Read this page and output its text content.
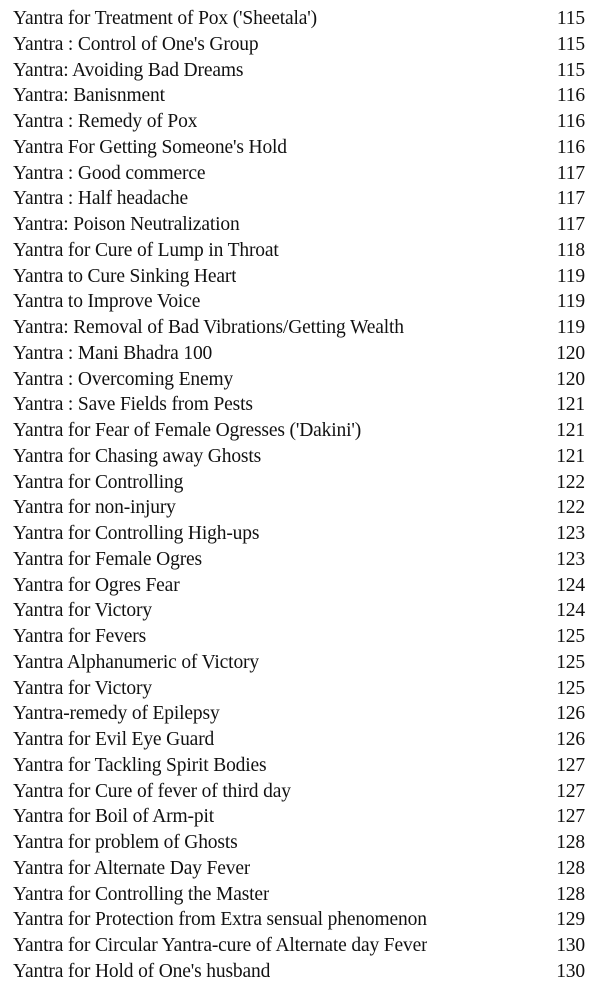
Yantra for Treatment of Pox ('Sheetala')	115
Yantra : Control of One's Group	115
Yantra: Avoiding Bad Dreams	115
Yantra: Banisnment	116
Yantra : Remedy of Pox	116
Yantra For Getting Someone's Hold	116
Yantra : Good commerce	117
Yantra : Half headache	117
Yantra: Poison Neutralization	117
Yantra for Cure of Lump in Throat	118
Yantra to Cure Sinking Heart	119
Yantra to Improve Voice	119
Yantra: Removal of Bad Vibrations/Getting Wealth	119
Yantra : Mani Bhadra 100	120
Yantra : Overcoming Enemy	120
Yantra : Save Fields from Pests	121
Yantra for Fear of Female Ogresses ('Dakini')	121
Yantra for Chasing away Ghosts	121
Yantra for Controlling	122
Yantra for non-injury	122
Yantra for Controlling High-ups	123
Yantra for Female Ogres	123
Yantra for Ogres Fear	124
Yantra for Victory	124
Yantra for Fevers	125
Yantra Alphanumeric of Victory	125
Yantra for Victory	125
Yantra-remedy of Epilepsy	126
Yantra for Evil Eye Guard	126
Yantra for Tackling Spirit Bodies	127
Yantra for Cure of fever of third day	127
Yantra for Boil of Arm-pit	127
Yantra for problem of Ghosts	128
Yantra for Alternate Day Fever	128
Yantra for Controlling the Master	128
Yantra for Protection from Extra sensual phenomenon	129
Yantra for Circular Yantra-cure of Alternate day Fever	130
Yantra for Hold of One's husband	130
